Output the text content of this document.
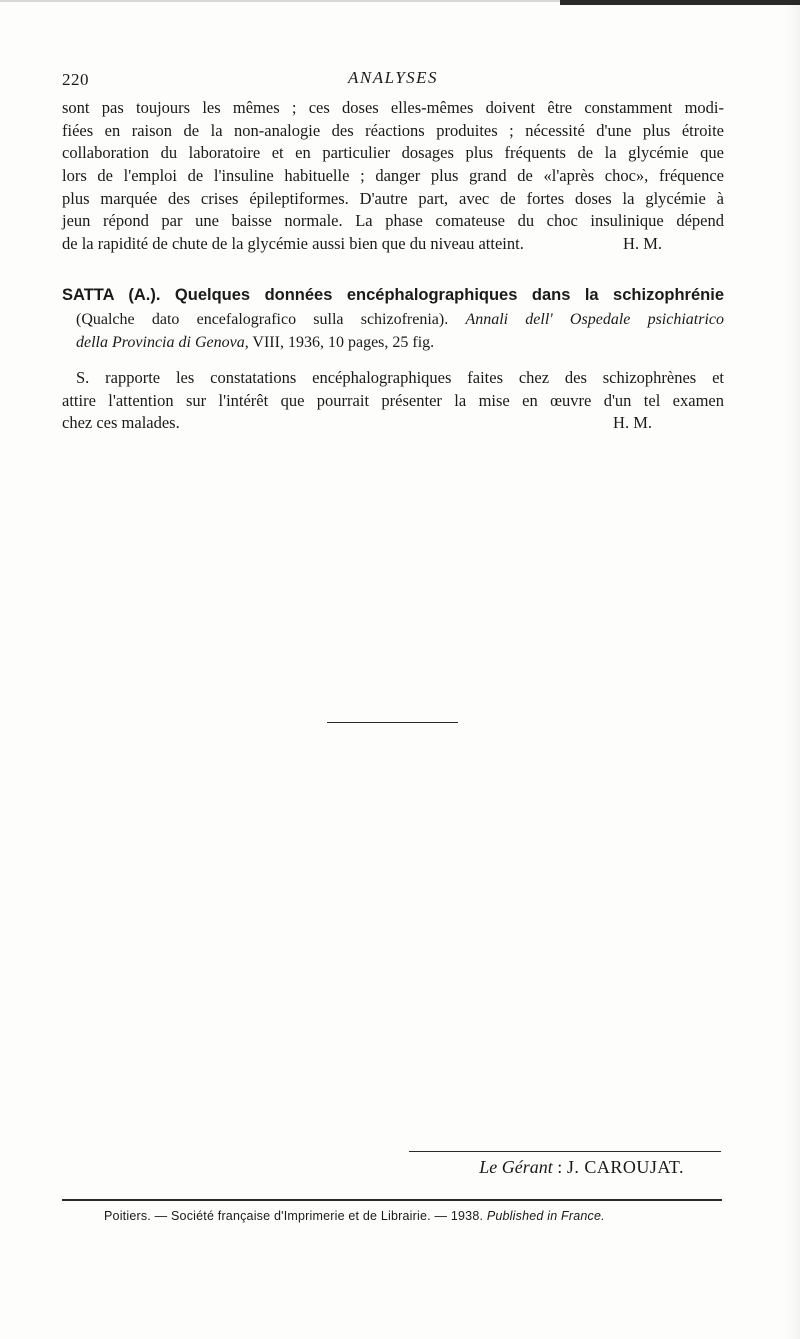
220	ANALYSES
sont pas toujours les mêmes ; ces doses elles-mêmes doivent être constamment modi-
fiées en raison de la non-analogie des réactions produites ; nécessité d'une plus étroite
collaboration du laboratoire et en particulier dosages plus fréquents de la glycémie que
lors de l'emploi de l'insuline habituelle ; danger plus grand de «l'après choc», fréquence
plus marquée des crises épileptiformes. D'autre part, avec de fortes doses la glycémie à
jeun répond par une baisse normale. La phase comateuse du choc insulinique dépend
de la rapidité de chute de la glycémie aussi bien que du niveau atteint.	H. M.
SATTA (A.). Quelques données encéphalographiques dans la schizophrénie
(Qualche dato encefalografico sulla schizofrenia). Annali dell' Ospedale psichiatrico
della Provincia di Genova, VIII, 1936, 10 pages, 25 fig.
S. rapporte les constatations encéphalographiques faites chez des schizophrènes et
attire l'attention sur l'intérêt que pourrait présenter la mise en œuvre d'un tel examen
chez ces malades.	H. M.
Le Gérant : J. CAROUJAT.
Poitiers. — Société française d'Imprimerie et de Librairie. — 1938. Published in France.
